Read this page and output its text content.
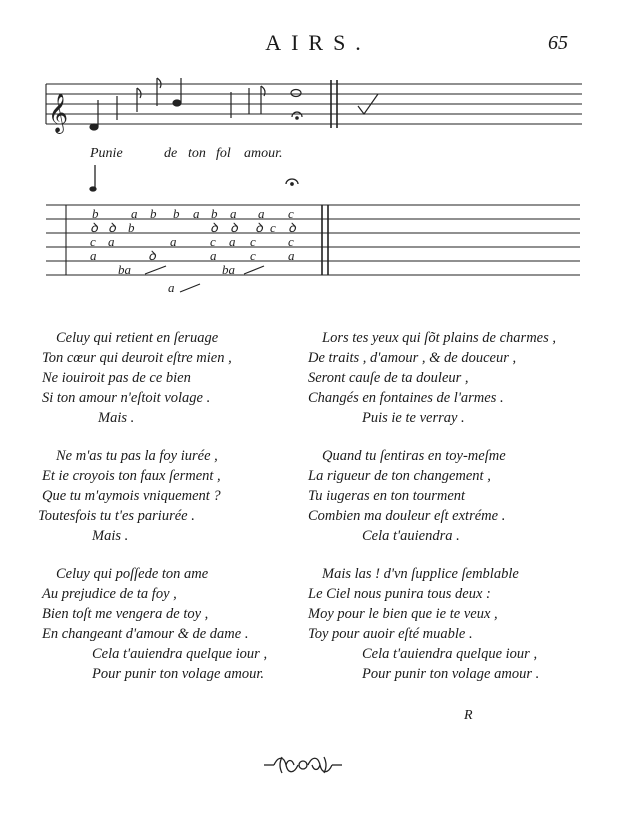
AIRS.	65
𝄞
b	a b b a b a a c
ꝺ ꝺ b	ꝺ ꝺ ꝺ c ꝺ
c a	a	c a c c
a	ꝺ	a	c a
ba	ba
a
Punie	de ton fol amour.
Celuy qui retient en ſeruage
Ton cœur qui deuroit eſtre mien ,
Ne iouiroit pas de ce bien
Si ton amour n'eſtoit volage .
Mais .
Ne m'as tu pas la foy iurée ,
Et ie croyois ton faux ſerment ,
Que tu m'aymois vniquement ?
Toutesfois tu t'es pariurée .
Mais .
Celuy qui poſſede ton ame
Au prejudice de ta foy ,
Bien toſt me vengera de toy ,
En changeant d'amour & de dame .
Cela t'auiendra quelque iour ,
Pour punir ton volage amour.
Lors tes yeux qui ſõt plains de charmes ,
De traits , d'amour , & de douceur ,
Seront cauſe de ta douleur ,
Changés en fontaines de l'armes .
Puis ie te verray .
Quand tu ſentiras en toy-meſme
La rigueur de ton changement ,
Tu iugeras en ton tourment
Combien ma douleur eſt extréme .
Cela t'auiendra .
Mais las ! d'vn ſupplice ſemblable
Le Ciel nous punira tous deux :
Moy pour le bien que ie te veux ,
Toy pour auoir eſté muable .
Cela t'auiendra quelque iour ,
Pour punir ton volage amour .
R
